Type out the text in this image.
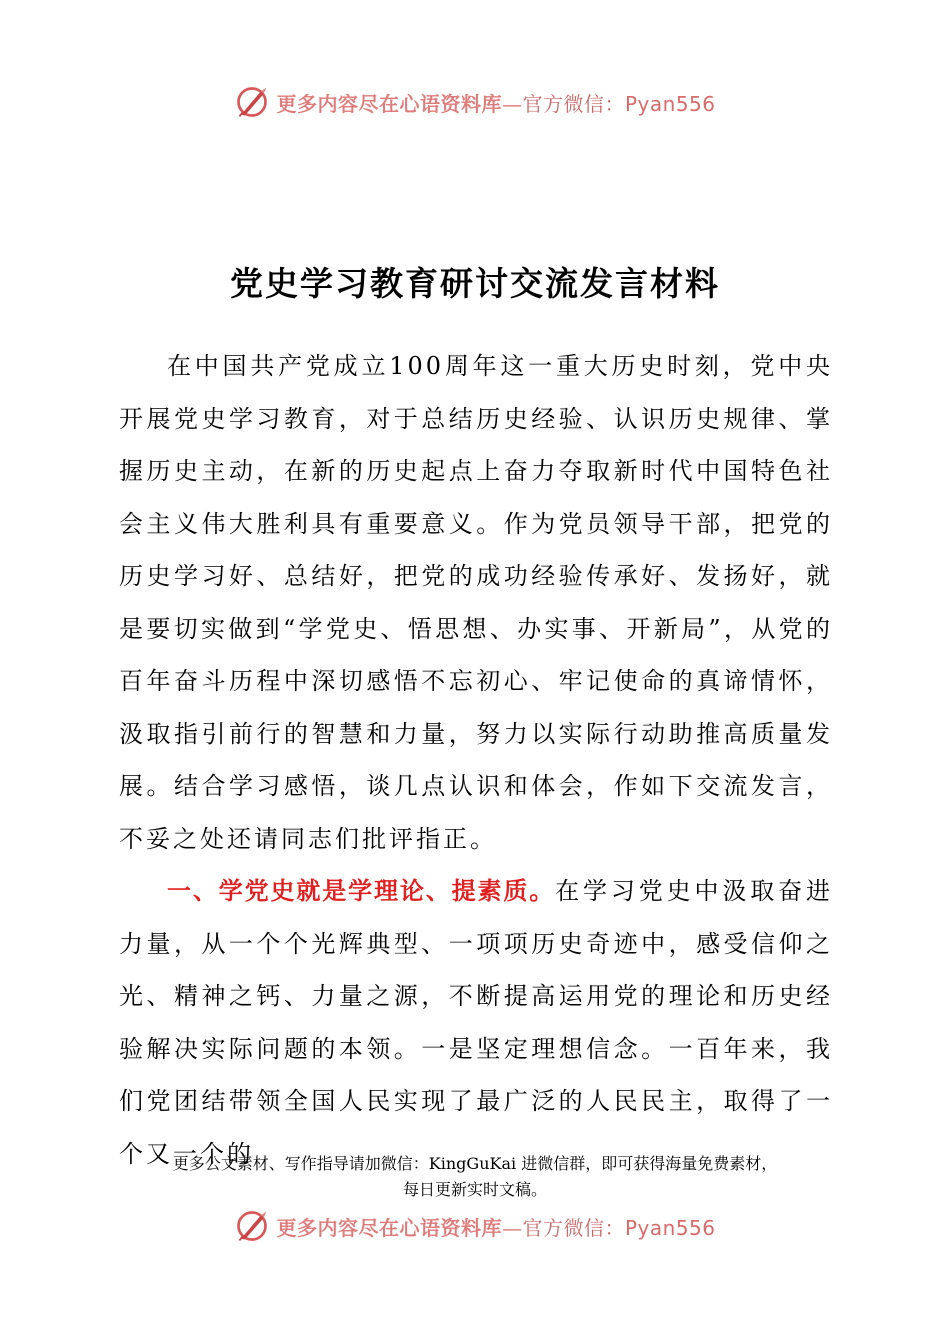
更多内容尽在心语资料库—官方微信：Pyan556
党史学习教育研讨交流发言材料

在中国共产党成立100周年这一重大历史时刻，党中央开展党史学习教育，对于总结历史经验、认识历史规律、掌握历史主动，在新的历史起点上奋力夺取新时代中国特色社会主义伟大胜利具有重要意义。作为党员领导干部，把党的历史学习好、总结好，把党的成功经验传承好、发扬好，就是要切实做到“学党史、悟思想、办实事、开新局”，从党的百年奋斗历程中深切感悟不忘初心、牢记使命的真谛情怀，汲取指引前行的智慧和力量，努力以实际行动助推高质量发展。结合学习感悟，谈几点认识和体会，作如下交流发言，不妥之处还请同志们批评指正。

一、学党史就是学理论、提素质。在学习党史中汲取奋进力量，从一个个光辉典型、一项项历史奇迹中，感受信仰之光、精神之钙、力量之源，不断提高运用党的理论和历史经验解决实际问题的本领。一是坚定理想信念。一百年来，我们党团结带领全国人民实现了最广泛的人民民主，取得了一个又一个的

更多公文素材、写作指导请加微信：KingGuKai 进微信群，即可获得海量免费素材，
每日更新实时文稿。
更多内容尽在心语资料库—官方微信：Pyan556
